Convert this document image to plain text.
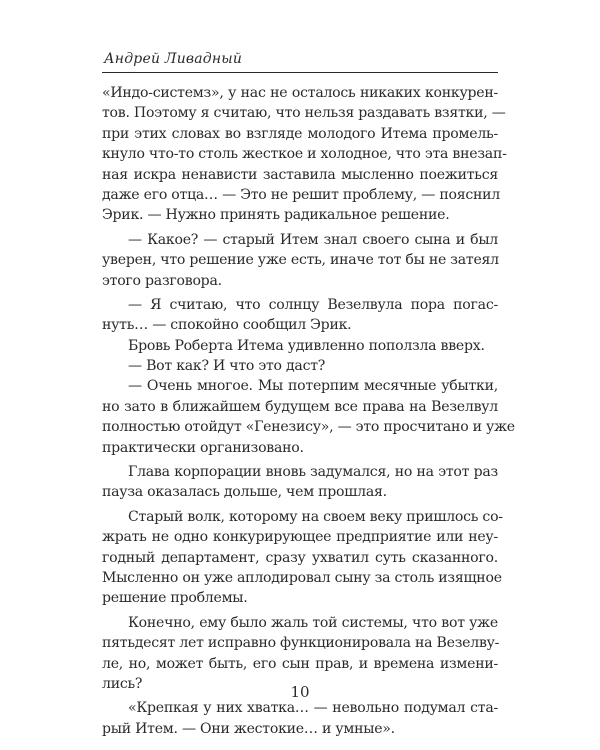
Андрей Ливадный
«Индо-системз», у нас не осталось никаких конкурен-
тов. Поэтому я считаю, что нельзя раздавать взятки, —
при этих словах во взгляде молодого Итема промель-
кнуло что-то столь жесткое и холодное, что эта внезап-
ная искра ненависти заставила мысленно поежиться
даже его отца… — Это не решит проблему, — пояснил
Эрик. — Нужно принять радикальное решение.
— Какое? — старый Итем знал своего сына и был
уверен, что решение уже есть, иначе тот бы не затеял
этого разговора.
— Я считаю, что солнцу Везелвула пора погас-
нуть… — спокойно сообщил Эрик.
Бровь Роберта Итема удивленно поползла вверх.
— Вот как? И что это даст?
— Очень многое. Мы потерпим месячные убытки,
но зато в ближайшем будущем все права на Везелвул
полностью отойдут «Генезису», — это просчитано и уже
практически организовано.
Глава корпорации вновь задумался, но на этот раз
пауза оказалась дольше, чем прошлая.
Старый волк, которому на своем веку пришлось со-
жрать не одно конкурирующее предприятие или неу-
годный департамент, сразу ухватил суть сказанного.
Мысленно он уже аплодировал сыну за столь изящное
решение проблемы.
Конечно, ему было жаль той системы, что вот уже
пятьдесят лет исправно функционировала на Везелву-
ле, но, может быть, его сын прав, и времена измени-
лись?
«Крепкая у них хватка… — невольно подумал ста-
рый Итем. — Они жестокие… и умные».
10
